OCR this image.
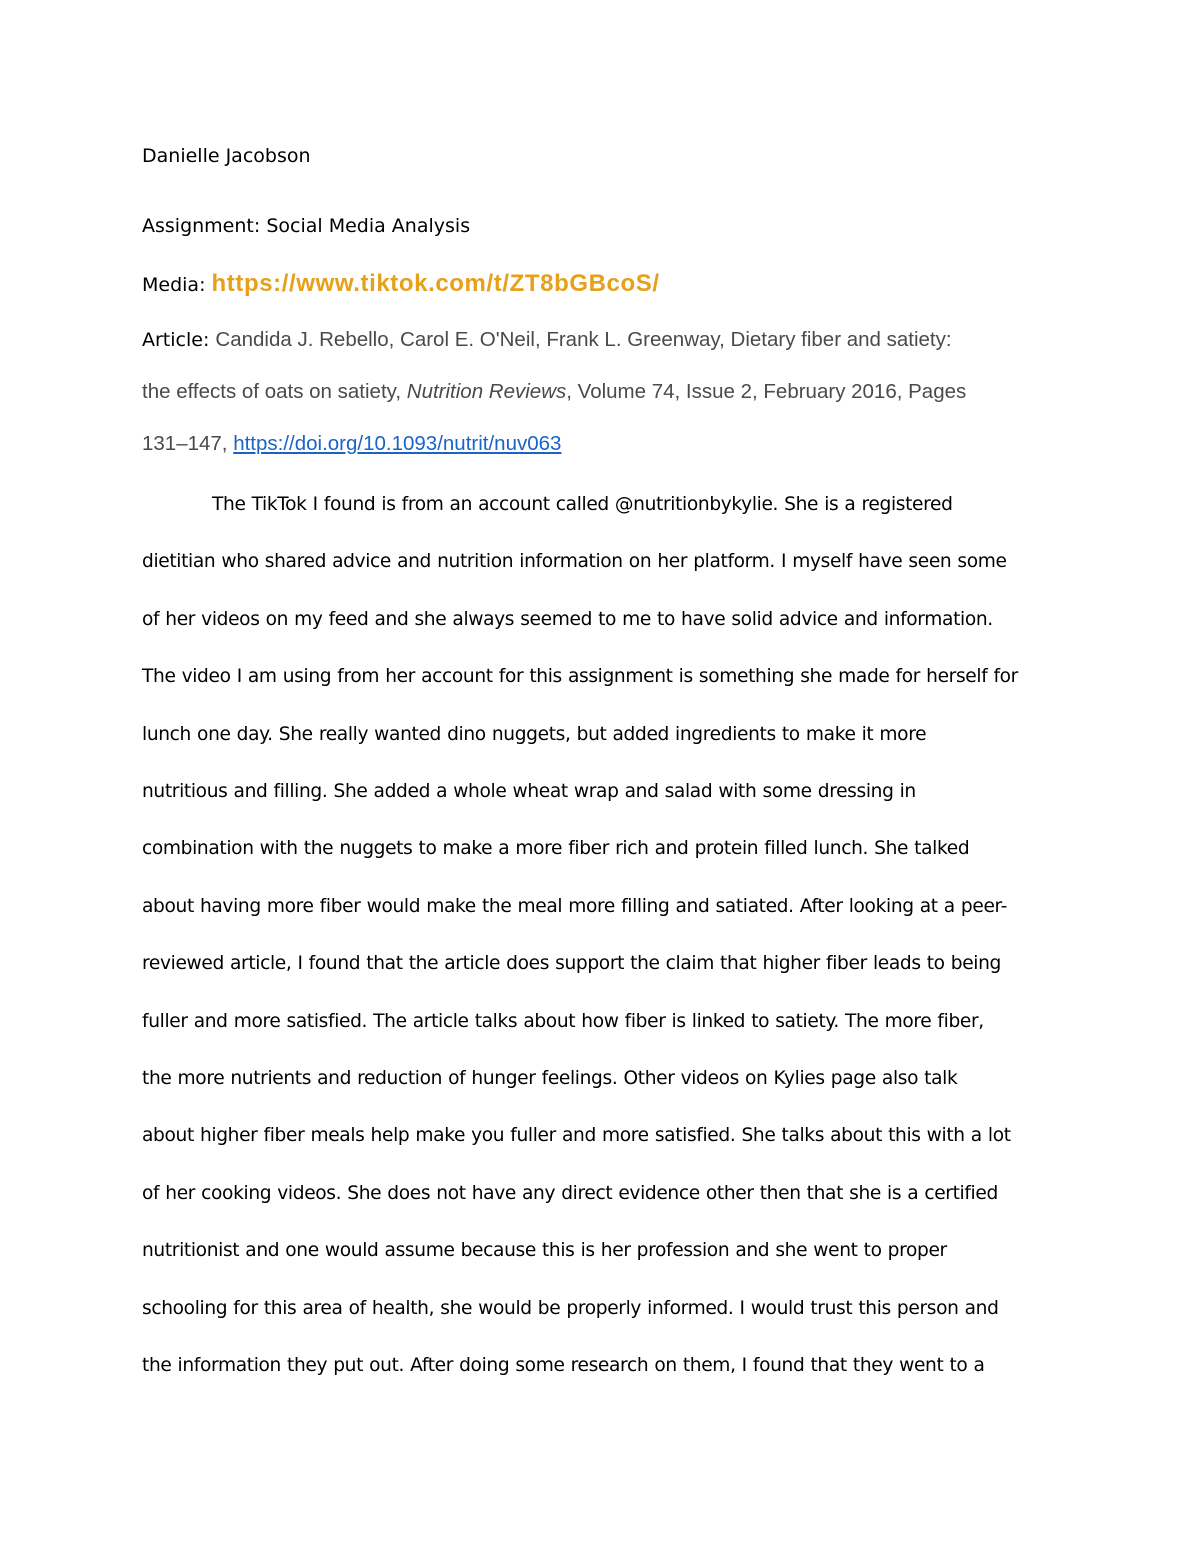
Danielle Jacobson

Assignment: Social Media Analysis

Media: https://www.tiktok.com/t/ZT8bGBcoS/

Article: Candida J. Rebello, Carol E. O'Neil, Frank L. Greenway, Dietary fiber and satiety:
the effects of oats on satiety, Nutrition Reviews, Volume 74, Issue 2, February 2016, Pages
131–147, https://doi.org/10.1093/nutrit/nuv063
The TikTok I found is from an account called @nutritionbykylie. She is a registered
dietitian who shared advice and nutrition information on her platform. I myself have seen some
of her videos on my feed and she always seemed to me to have solid advice and information.
The video I am using from her account for this assignment is something she made for herself for
lunch one day. She really wanted dino nuggets, but added ingredients to make it more
nutritious and filling. She added a whole wheat wrap and salad with some dressing in
combination with the nuggets to make a more fiber rich and protein filled lunch. She talked
about having more fiber would make the meal more filling and satiated. After looking at a peer-
reviewed article, I found that the article does support the claim that higher fiber leads to being
fuller and more satisfied. The article talks about how fiber is linked to satiety. The more fiber,
the more nutrients and reduction of hunger feelings. Other videos on Kylies page also talk
about higher fiber meals help make you fuller and more satisfied. She talks about this with a lot
of her cooking videos. She does not have any direct evidence other then that she is a certified
nutritionist and one would assume because this is her profession and she went to proper
schooling for this area of health, she would be properly informed. I would trust this person and
the information they put out. After doing some research on them, I found that they went to a
